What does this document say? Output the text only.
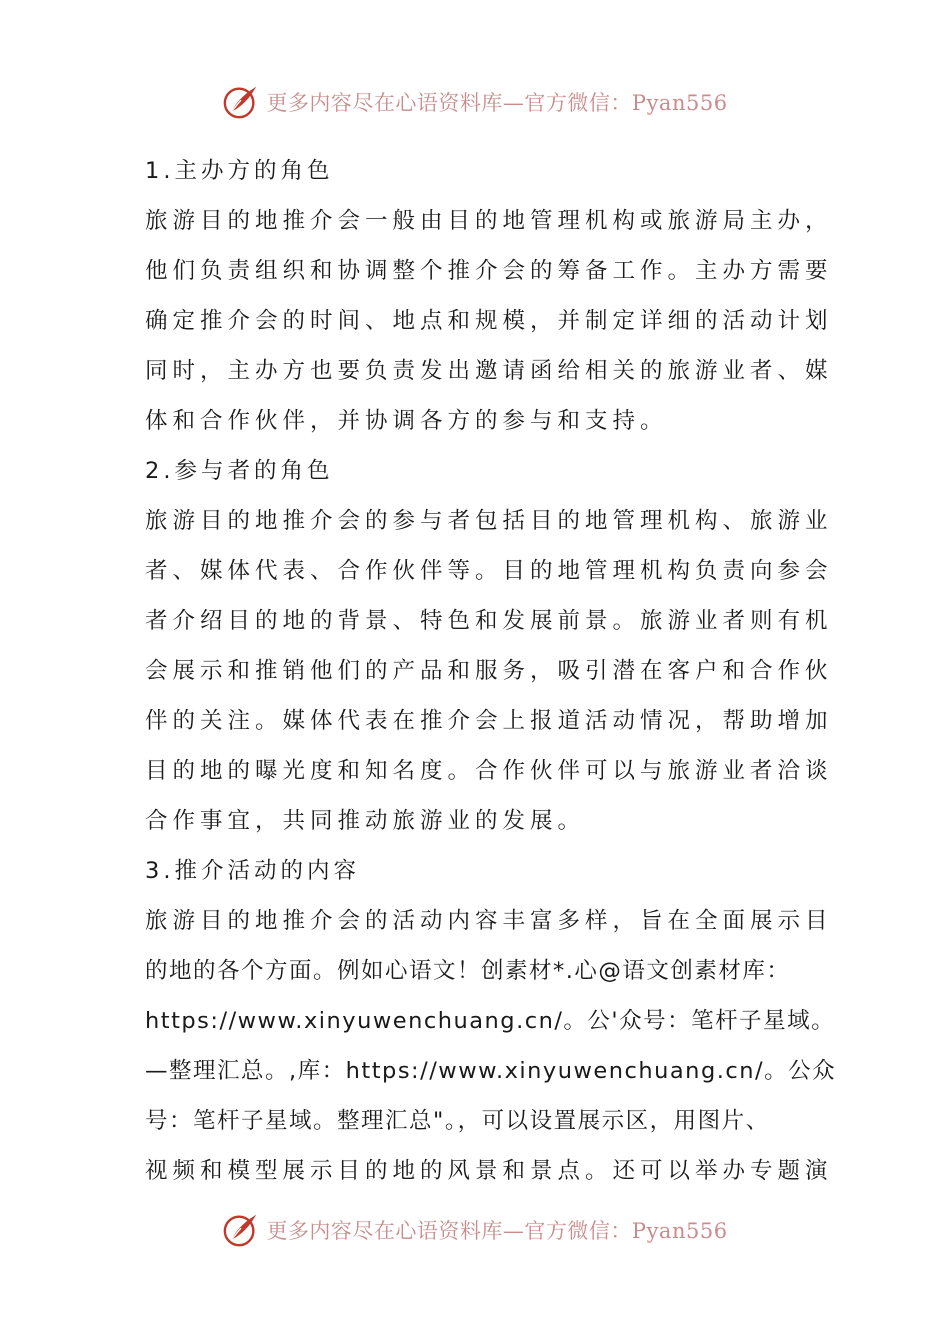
更多内容尽在心语资料库—官方微信：Pyan556
1.主办方的角色
旅游目的地推介会一般由目的地管理机构或旅游局主办，
他们负责组织和协调整个推介会的筹备工作。主办方需要
确定推介会的时间、地点和规模，并制定详细的活动计划
同时，主办方也要负责发出邀请函给相关的旅游业者、媒
体和合作伙伴，并协调各方的参与和支持。
2.参与者的角色
旅游目的地推介会的参与者包括目的地管理机构、旅游业
者、媒体代表、合作伙伴等。目的地管理机构负责向参会
者介绍目的地的背景、特色和发展前景。旅游业者则有机
会展示和推销他们的产品和服务，吸引潜在客户和合作伙
伴的关注。媒体代表在推介会上报道活动情况，帮助增加
目的地的曝光度和知名度。合作伙伴可以与旅游业者洽谈
合作事宜，共同推动旅游业的发展。
3.推介活动的内容
旅游目的地推介会的活动内容丰富多样，旨在全面展示目
的地的各个方面。例如心语文！创素材*.心@语文创素材库：
https://www.xinyuwenchuang.cn/。公'众号：笔杆子星域。
—整理汇总。,库：https://www.xinyuwenchuang.cn/。公众
号：笔杆子星域。整理汇总"。，可以设置展示区，用图片、
视频和模型展示目的地的风景和景点。还可以举办专题演
更多内容尽在心语资料库—官方微信：Pyan556
